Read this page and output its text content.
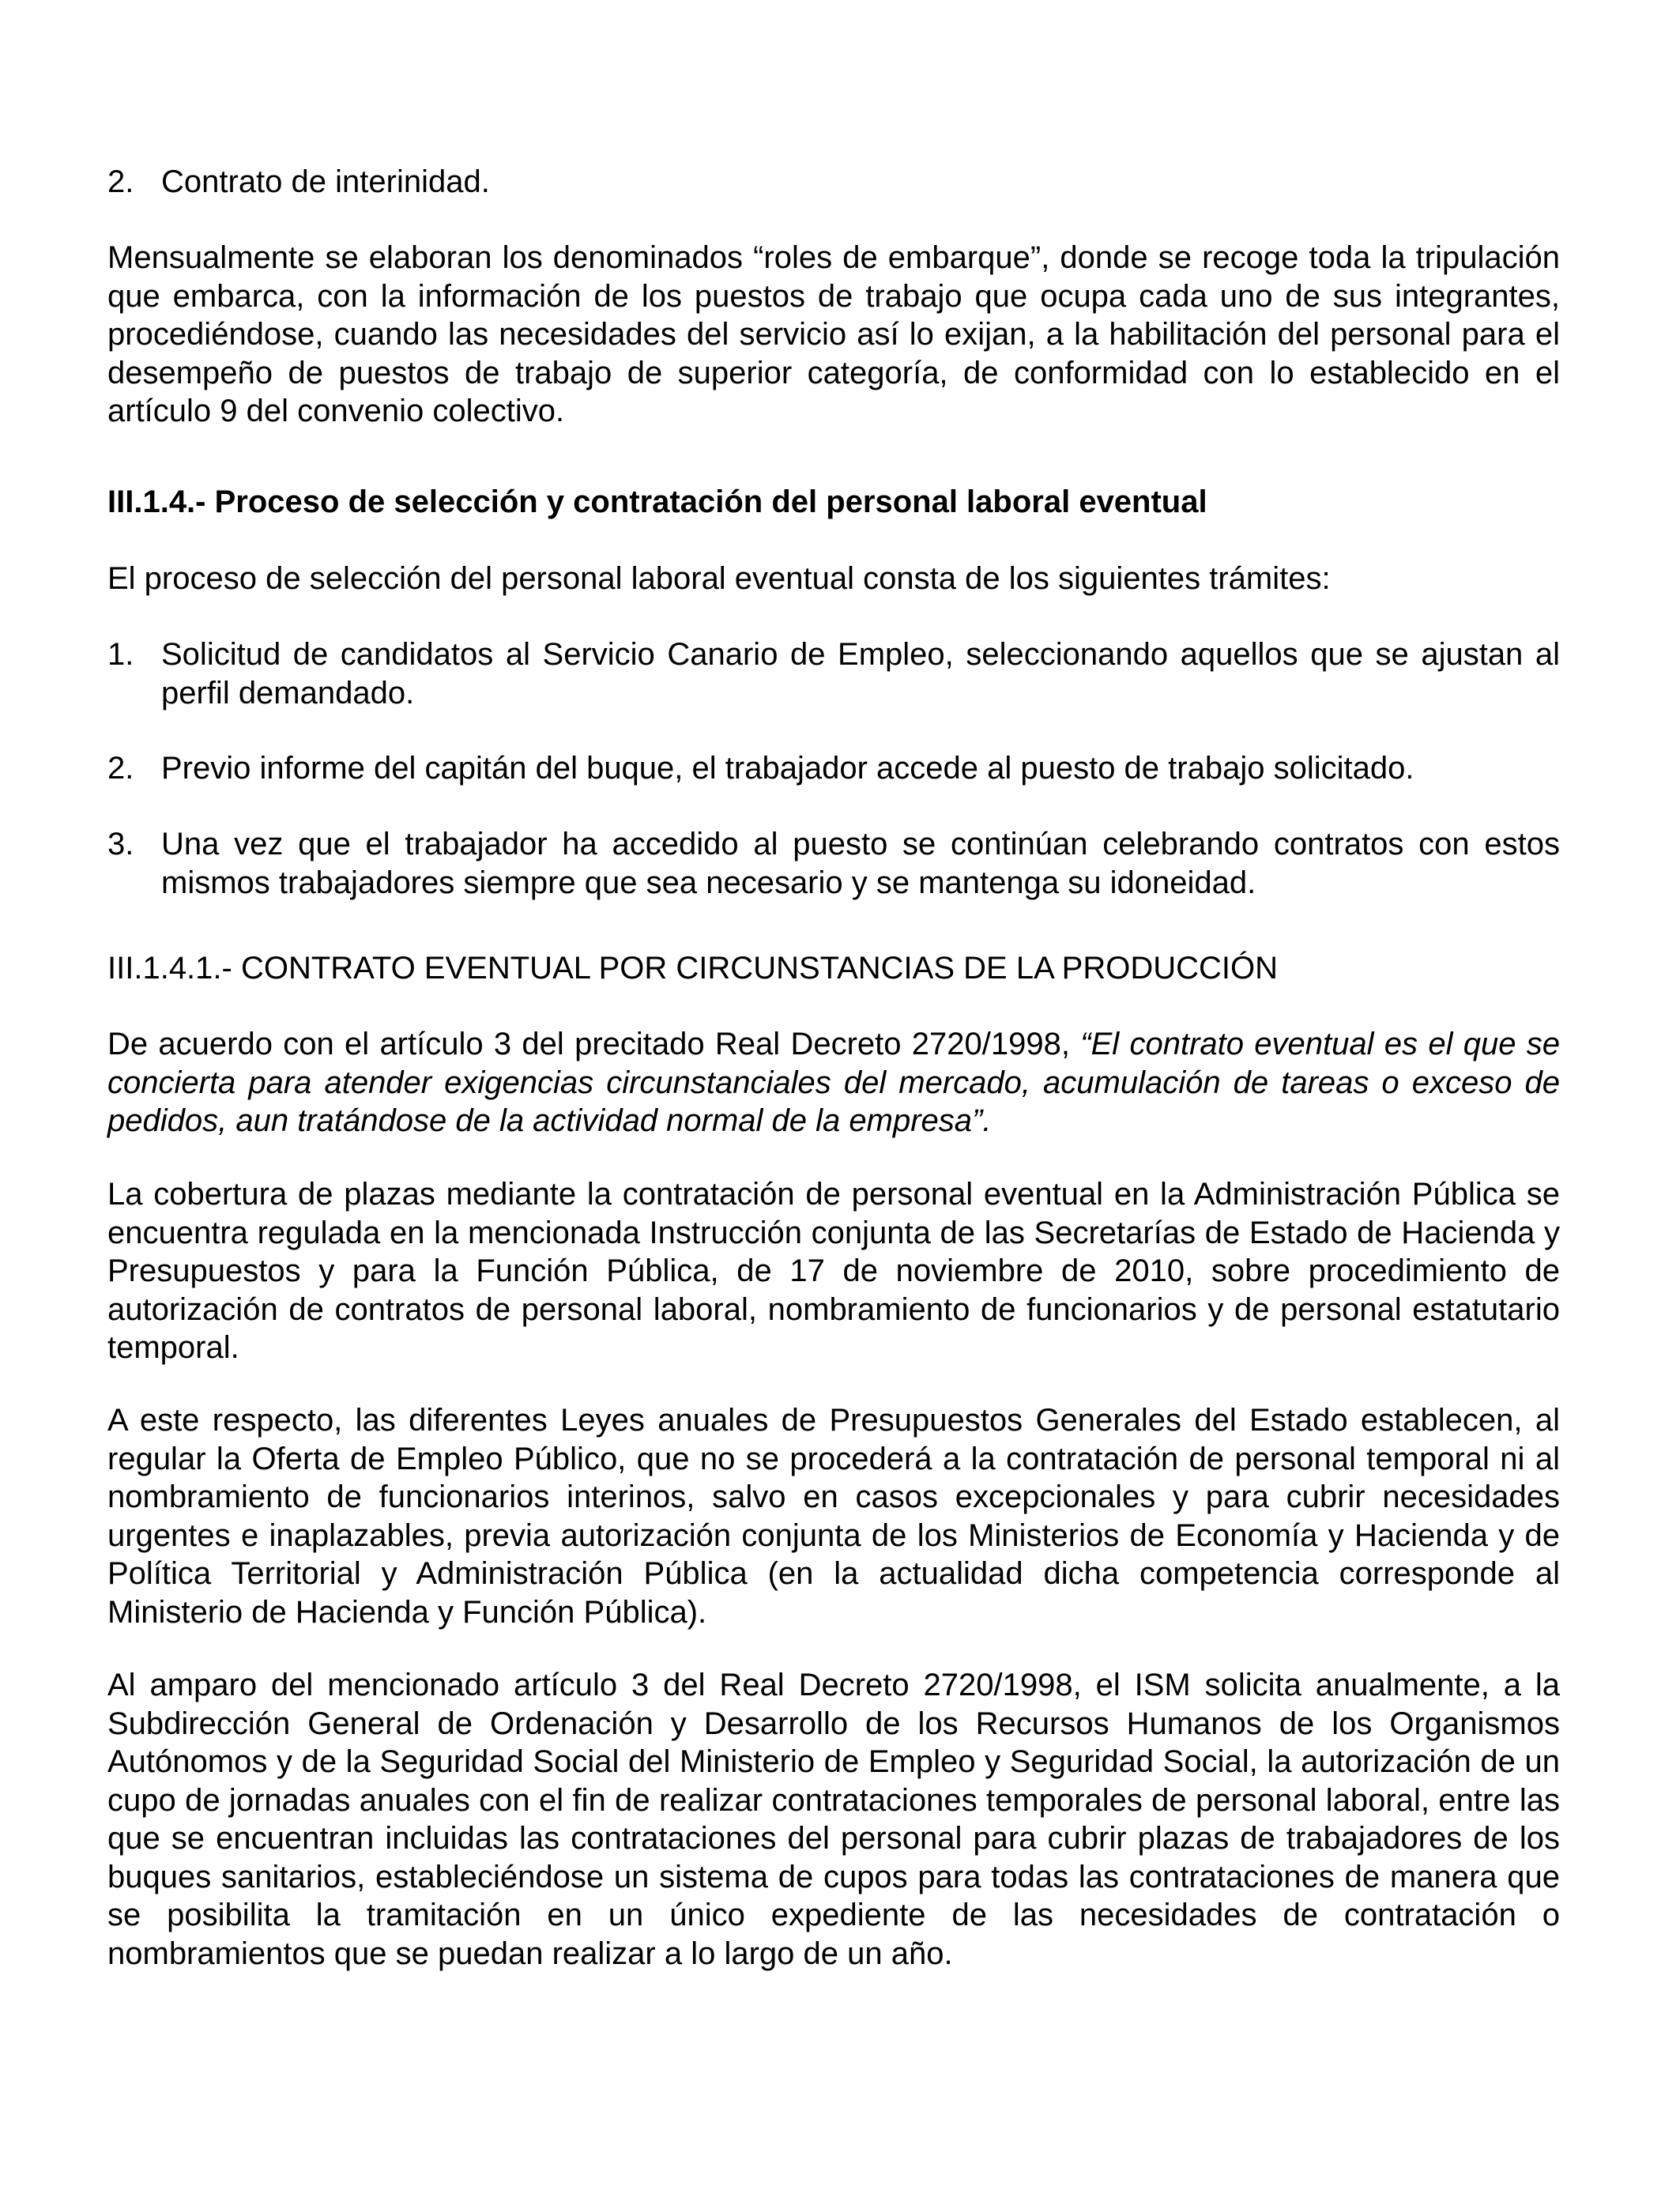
2. Contrato de interinidad.

Mensualmente se elaboran los denominados “roles de embarque”, donde se recoge toda la tripulación que embarca, con la información de los puestos de trabajo que ocupa cada uno de sus integrantes, procediéndose, cuando las necesidades del servicio así lo exijan, a la habilitación del personal para el desempeño de puestos de trabajo de superior categoría, de conformidad con lo establecido en el artículo 9 del convenio colectivo.

III.1.4.- Proceso de selección y contratación del personal laboral eventual

El proceso de selección del personal laboral eventual consta de los siguientes trámites:

1. Solicitud de candidatos al Servicio Canario de Empleo, seleccionando aquellos que se ajustan al perfil demandado.
2. Previo informe del capitán del buque, el trabajador accede al puesto de trabajo solicitado.
3. Una vez que el trabajador ha accedido al puesto se continúan celebrando contratos con estos mismos trabajadores siempre que sea necesario y se mantenga su idoneidad.

III.1.4.1.- CONTRATO EVENTUAL POR CIRCUNSTANCIAS DE LA PRODUCCIÓN

De acuerdo con el artículo 3 del precitado Real Decreto 2720/1998, “El contrato eventual es el que se concierta para atender exigencias circunstanciales del mercado, acumulación de tareas o exceso de pedidos, aun tratándose de la actividad normal de la empresa”.

La cobertura de plazas mediante la contratación de personal eventual en la Administración Pública se encuentra regulada en la mencionada Instrucción conjunta de las Secretarías de Estado de Hacienda y Presupuestos y para la Función Pública, de 17 de noviembre de 2010, sobre procedimiento de autorización de contratos de personal laboral, nombramiento de funcionarios y de personal estatutario temporal.

A este respecto, las diferentes Leyes anuales de Presupuestos Generales del Estado establecen, al regular la Oferta de Empleo Público, que no se procederá a la contratación de personal temporal ni al nombramiento de funcionarios interinos, salvo en casos excepcionales y para cubrir necesidades urgentes e inaplazables, previa autorización conjunta de los Ministerios de Economía y Hacienda y de Política Territorial y Administración Pública (en la actualidad dicha competencia corresponde al Ministerio de Hacienda y Función Pública).

Al amparo del mencionado artículo 3 del Real Decreto 2720/1998, el ISM solicita anualmente, a la Subdirección General de Ordenación y Desarrollo de los Recursos Humanos de los Organismos Autónomos y de la Seguridad Social del Ministerio de Empleo y Seguridad Social, la autorización de un cupo de jornadas anuales con el fin de realizar contrataciones temporales de personal laboral, entre las que se encuentran incluidas las contrataciones del personal para cubrir plazas de trabajadores de los buques sanitarios, estableciéndose un sistema de cupos para todas las contrataciones de manera que se posibilita la tramitación en un único expediente de las necesidades de contratación o nombramientos que se puedan realizar a lo largo de un año.
